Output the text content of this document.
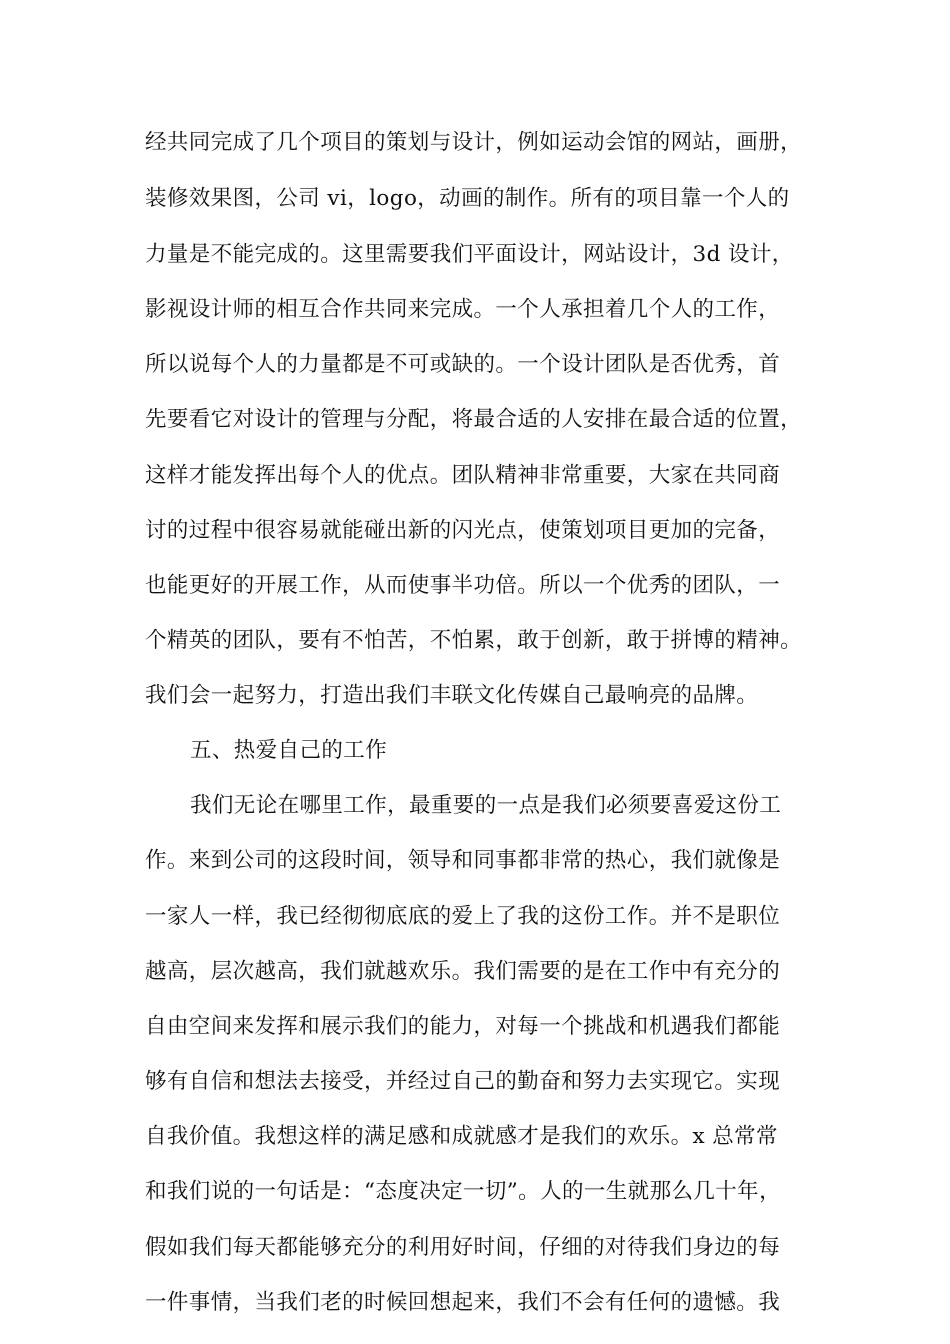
经共同完成了几个项目的策划与设计，例如运动会馆的网站，画册，
装修效果图，公司 vi，logo，动画的制作。所有的项目靠一个人的
力量是不能完成的。这里需要我们平面设计，网站设计，3d 设计，
影视设计师的相互合作共同来完成。一个人承担着几个人的工作，
所以说每个人的力量都是不可或缺的。一个设计团队是否优秀，首
先要看它对设计的管理与分配，将最合适的人安排在最合适的位置，
这样才能发挥出每个人的优点。团队精神非常重要，大家在共同商
讨的过程中很容易就能碰出新的闪光点，使策划项目更加的完备，
也能更好的开展工作，从而使事半功倍。所以一个优秀的团队，一
个精英的团队，要有不怕苦，不怕累，敢于创新，敢于拼博的精神。
我们会一起努力，打造出我们丰联文化传媒自己最响亮的品牌。
五、热爱自己的工作
我们无论在哪里工作，最重要的一点是我们必须要喜爱这份工
作。来到公司的这段时间，领导和同事都非常的热心，我们就像是
一家人一样，我已经彻彻底底的爱上了我的这份工作。并不是职位
越高，层次越高，我们就越欢乐。我们需要的是在工作中有充分的
自由空间来发挥和展示我们的能力，对每一个挑战和机遇我们都能
够有自信和想法去接受，并经过自己的勤奋和努力去实现它。实现
自我价值。我想这样的满足感和成就感才是我们的欢乐。x 总常常
和我们说的一句话是：“态度决定一切”。人的一生就那么几十年，
假如我们每天都能够充分的利用好时间，仔细的对待我们身边的每
一件事情，当我们老的时候回想起来，我们不会有任何的遗憾。我
